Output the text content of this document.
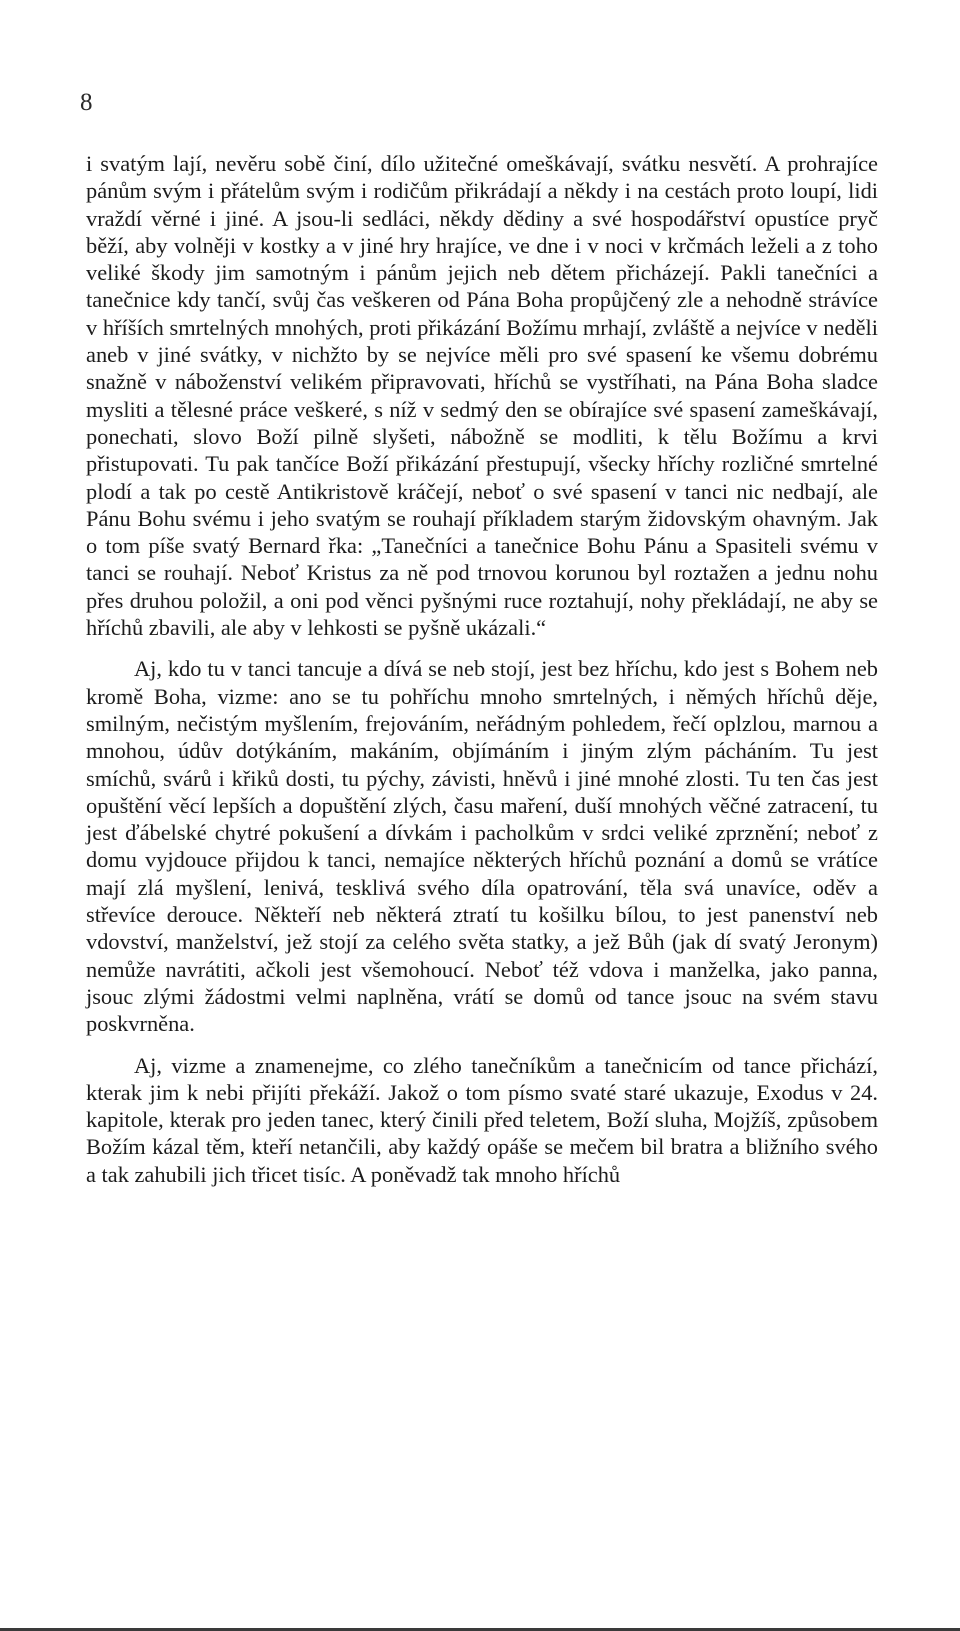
8

i svatým lají, nevěru sobě činí, dílo užitečné omeškávají, svátku nesvětí. A prohrajíce pánům svým i přátelům svým i rodičům přikrádají a někdy i na cestách proto loupí, lidi vraždí věrné i jiné. A jsou-li sedláci, někdy dědiny a své hospodářství opustíce pryč běží, aby volněji v kostky a v jiné hry hrajíce, ve dne i v noci v krčmách leželi a z toho veliké škody jim samotným i pánům jejich neb dětem přicházejí. Pakli tanečníci a tanečnice kdy tančí, svůj čas veškeren od Pána Boha propůjčený zle a nehodně strávíce v hříších smrtelných mnohých, proti přikázání Božímu mrhají, zvláště a nejvíce v neděli aneb v jiné svátky, v nichžto by se nejvíce měli pro své spasení ke všemu dobrému snažně v náboženství velikém připravovati, hříchů se vystříhati, na Pána Boha sladce mysliti a tělesné práce veškeré, s níž v sedmý den se obírajíce své spasení zameškávají, ponechati, slovo Boží pilně slyšeti, nábožně se modliti, k tělu Božímu a krvi přistupovati. Tu pak tančíce Boží přikázání přestupují, všecky hříchy rozličné smrtelné plodí a tak po cestě Antikristově kráčejí, neboť o své spasení v tanci nic nedbají, ale Pánu Bohu svému i jeho svatým se rouhají příkladem starým židovským ohavným. Jak o tom píše svatý Bernard řka: „Tanečníci a tanečnice Bohu Pánu a Spasiteli svému v tanci se rouhají. Neboť Kristus za ně pod trnovou korunou byl roztažen a jednu nohu přes druhou položil, a oni pod věnci pyšnými ruce roztahují, nohy překládají, ne aby se hříchů zbavili, ale aby v lehkosti se pyšně ukázali.“

Aj, kdo tu v tanci tancuje a dívá se neb stojí, jest bez hříchu, kdo jest s Bohem neb kromě Boha, vizme: ano se tu pohříchu mnoho smrtelných, i němých hříchů děje, smilným, nečistým myšlením, frejováním, neřádným pohledem, řečí oplzlou, marnou a mnohou, údův dotýkáním, makáním, objímáním i jiným zlým pácháním. Tu jest smíchů, svárů i křiků dosti, tu pýchy, závisti, hněvů i jiné mnohé zlosti. Tu ten čas jest opuštění věcí lepších a dopuštění zlých, času maření, duší mnohých věčné zatracení, tu jest ďábelské chytré pokušení a dívkám i pacholkům v srdci veliké zprznění; neboť z domu vyjdouce přijdou k tanci, nemajíce některých hříchů poznání a domů se vrátíce mají zlá myšlení, lenivá, tesklivá svého díla opatrování, těla svá unavíce, oděv a střevíce derouce. Někteří neb některá ztratí tu košilku bílou, to jest panenství neb vdovství, manželství, jež stojí za celého světa statky, a jež Bůh (jak dí svatý Jeronym) nemůže navrátiti, ačkoli jest všemohoucí. Neboť též vdova i manželka, jako panna, jsouc zlými žádostmi velmi naplněna, vrátí se domů od tance jsouc na svém stavu poskvrněna.

Aj, vizme a znamenejme, co zlého tanečníkům a tanečnicím od tance přichází, kterak jim k nebi přijíti překáží. Jakož o tom písmo svaté staré ukazuje, Exodus v 24. kapitole, kterak pro jeden tanec, který činili před teletem, Boží sluha, Mojžíš, způsobem Božím kázal těm, kteří netančili, aby každý opáše se mečem bil bratra a bližního svého a tak zahubili jich třicet tisíc. A poněvadž tak mnoho hříchů
